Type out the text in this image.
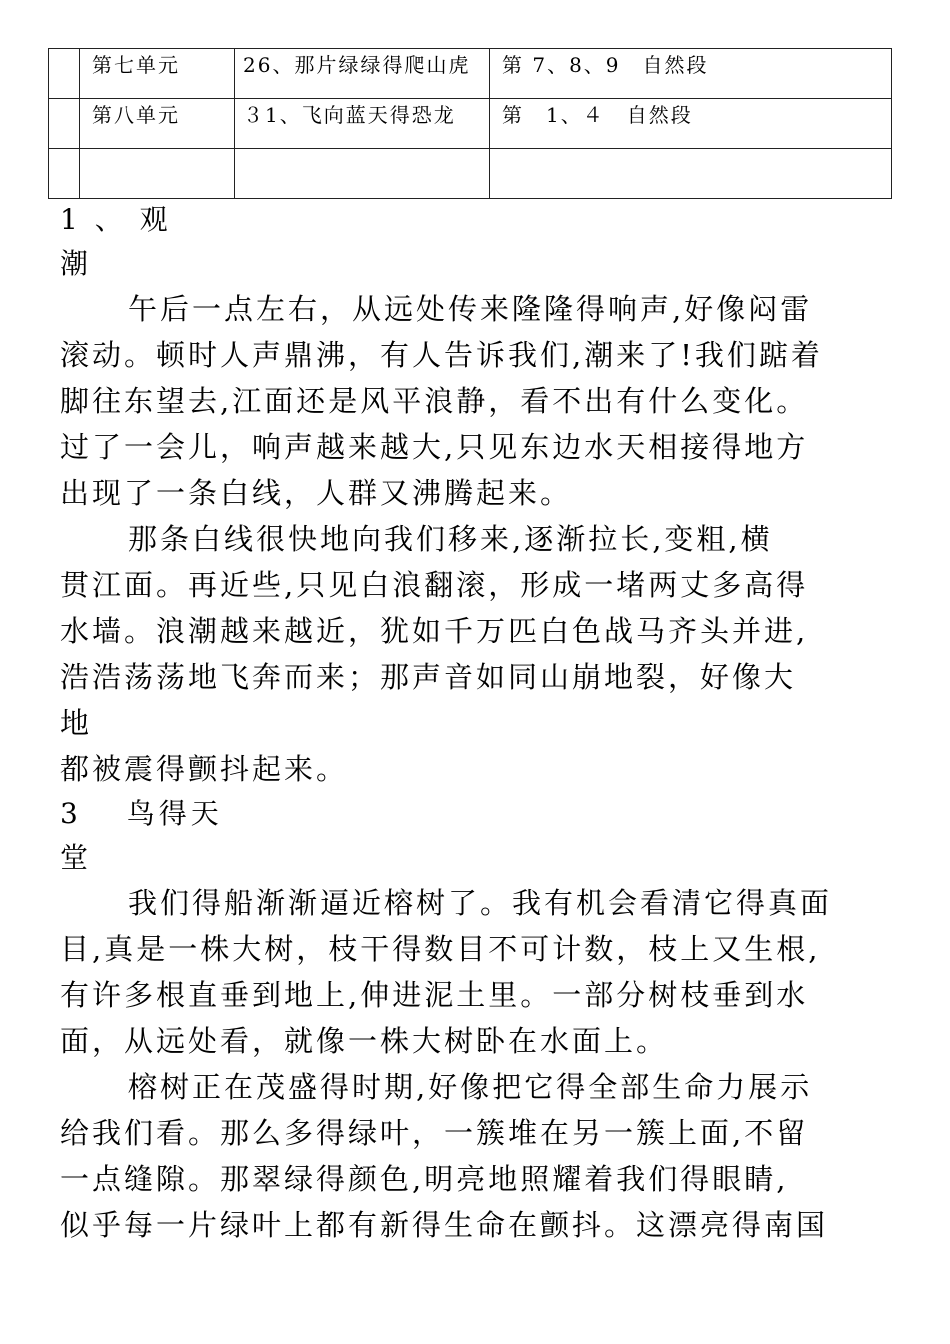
	第七单元	26、那片绿绿得爬山虎	第 7、8、9　自然段

	第八单元	３1、飞向蓝天得恐龙	第　1、４　自然段

1 、 观

潮

午后一点左右，从远处传来隆隆得响声,好像闷雷
滚动。顿时人声鼎沸，有人告诉我们,潮来了!我们踮着
脚往东望去,江面还是风平浪静，看不出有什么变化。
过了一会儿，响声越来越大,只见东边水天相接得地方
出现了一条白线，人群又沸腾起来。
那条白线很快地向我们移来,逐渐拉长,变粗,横
贯江面。再近些,只见白浪翻滚，形成一堵两丈多高得
水墙。浪潮越来越近，犹如千万匹白色战马齐头并进,
浩浩荡荡地飞奔而来；那声音如同山崩地裂，好像大
地
都被震得颤抖起来。

3　 鸟得天

堂

我们得船渐渐逼近榕树了。我有机会看清它得真面
目,真是一株大树，枝干得数目不可计数，枝上又生根,
有许多根直垂到地上,伸进泥土里。一部分树枝垂到水
面，从远处看，就像一株大树卧在水面上。
榕树正在茂盛得时期,好像把它得全部生命力展示
给我们看。那么多得绿叶，一簇堆在另一簇上面,不留
一点缝隙。那翠绿得颜色,明亮地照耀着我们得眼睛,
似乎每一片绿叶上都有新得生命在颤抖。这漂亮得南国
